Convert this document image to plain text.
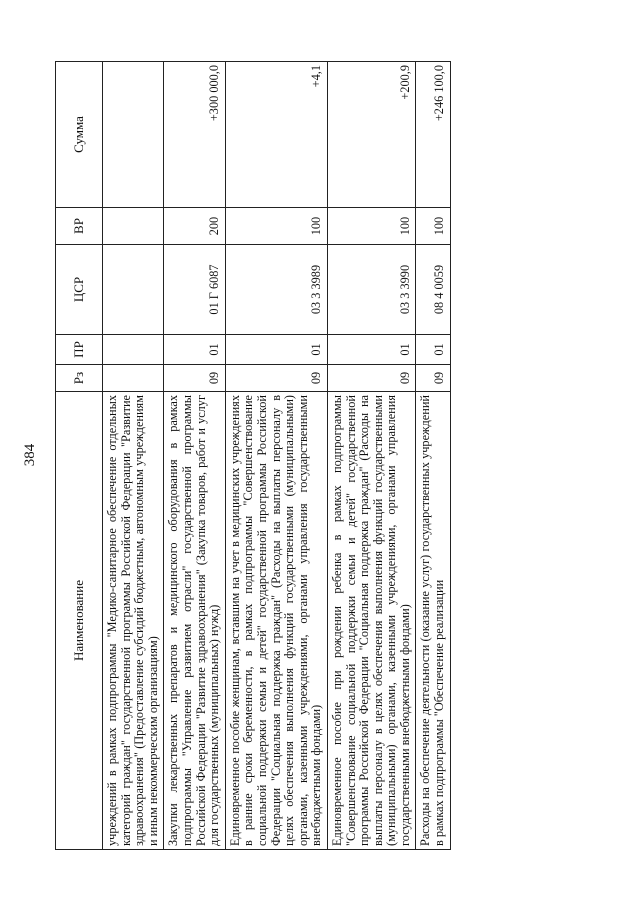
384
Наименование	Рз	ПР	ЦСР	ВР	Сумма
учреждений в рамках подпрограммы "Медико-санитарное обеспечение отдельных категорий граждан" государственной программы Российской Федерации "Развитие здравоохранения" (Предоставление субсидий бюджетным, автономным учреждениям и иным некоммерческим организациям)					
Закупки лекарственных препаратов и медицинского оборудования в рамках подпрограммы "Управление развитием отрасли" государственной программы Российской Федерации "Развитие здравоохранения" (Закупка товаров, работ и услуг для государственных (муниципальных) нужд)	09	01	01 Г 6087	200	+300 000,0
Единовременное пособие женщинам, вставшим на учет в медицинских учреждениях в ранние сроки беременности, в рамках подпрограммы "Совершенствование социальной поддержки семьи и детей" государственной программы Российской Федерации "Социальная поддержка граждан" (Расходы на выплаты персоналу в целях обеспечения выполнения функций государственными (муниципальными) органами, казенными учреждениями, органами управления государственными внебюджетными фондами)	09	01	03 3 3989	100	+4,1
Единовременное пособие при рождении ребенка в рамках подпрограммы "Совершенствование социальной поддержки семьи и детей" государственной программы Российской Федерации "Социальная поддержка граждан" (Расходы на выплаты персоналу в целях обеспечения выполнения функций государственными (муниципальными) органами, казенными учреждениями, органами управления государственными внебюджетными фондами)	09	01	03 3 3990	100	+200,9
Расходы на обеспечение деятельности (оказание услуг) государственных учреждений в рамках подпрограммы "Обеспечение реализации	09	01	08 4 0059	100	+246 100,0
